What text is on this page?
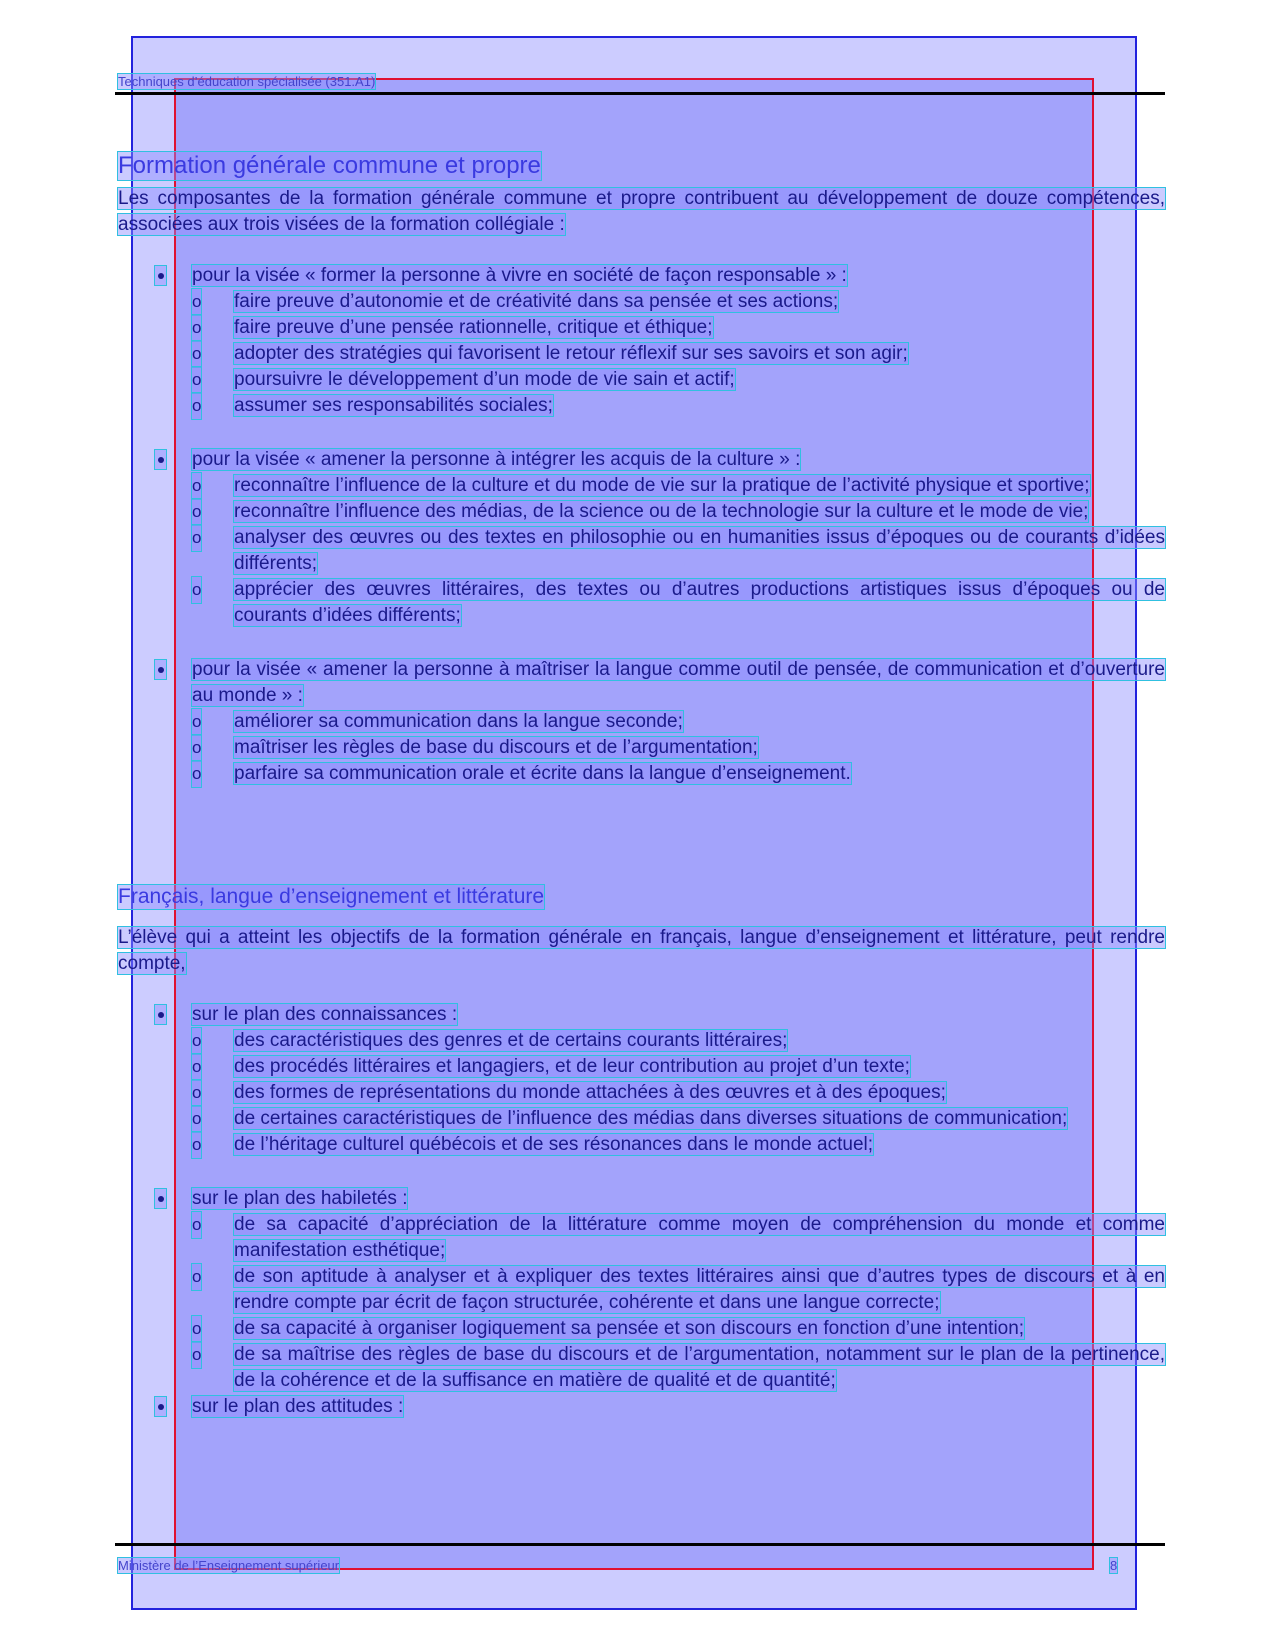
Techniques d’éducation spécialisée (351.A1)
Formation générale commune et propre
Les composantes de la formation générale commune et propre contribuent au développement de douze compétences, associées aux trois visées de la formation collégiale :
pour la visée « former la personne à vivre en société de façon responsable » :
o faire preuve d’autonomie et de créativité dans sa pensée et ses actions;
o faire preuve d’une pensée rationnelle, critique et éthique;
o adopter des stratégies qui favorisent le retour réflexif sur ses savoirs et son agir;
o poursuivre le développement d’un mode de vie sain et actif;
o assumer ses responsabilités sociales;
pour la visée « amener la personne à intégrer les acquis de la culture » :
o reconnaître l’influence de la culture et du mode de vie sur la pratique de l’activité physique et sportive;
o reconnaître l’influence des médias, de la science ou de la technologie sur la culture et le mode de vie;
o analyser des œuvres ou des textes en philosophie ou en humanities issus d’époques ou de courants d’idées différents;
o apprécier des œuvres littéraires, des textes ou d’autres productions artistiques issus d’époques ou de courants d’idées différents;
pour la visée « amener la personne à maîtriser la langue comme outil de pensée, de communication et d’ouverture au monde » :
o améliorer sa communication dans la langue seconde;
o maîtriser les règles de base du discours et de l’argumentation;
o parfaire sa communication orale et écrite dans la langue d’enseignement.
Français, langue d’enseignement et littérature
L’élève qui a atteint les objectifs de la formation générale en français, langue d’enseignement et littérature, peut rendre compte,
sur le plan des connaissances :
o des caractéristiques des genres et de certains courants littéraires;
o des procédés littéraires et langagiers, et de leur contribution au projet d’un texte;
o des formes de représentations du monde attachées à des œuvres et à des époques;
o de certaines caractéristiques de l’influence des médias dans diverses situations de communication;
o de l’héritage culturel québécois et de ses résonances dans le monde actuel;
sur le plan des habiletés :
o de sa capacité d’appréciation de la littérature comme moyen de compréhension du monde et comme manifestation esthétique;
o de son aptitude à analyser et à expliquer des textes littéraires ainsi que d’autres types de discours et à en rendre compte par écrit de façon structurée, cohérente et dans une langue correcte;
o de sa capacité à organiser logiquement sa pensée et son discours en fonction d’une intention;
o de sa maîtrise des règles de base du discours et de l’argumentation, notamment sur le plan de la pertinence, de la cohérence et de la suffisance en matière de qualité et de quantité;
sur le plan des attitudes :
Ministère de l’Enseignement supérieur	8
